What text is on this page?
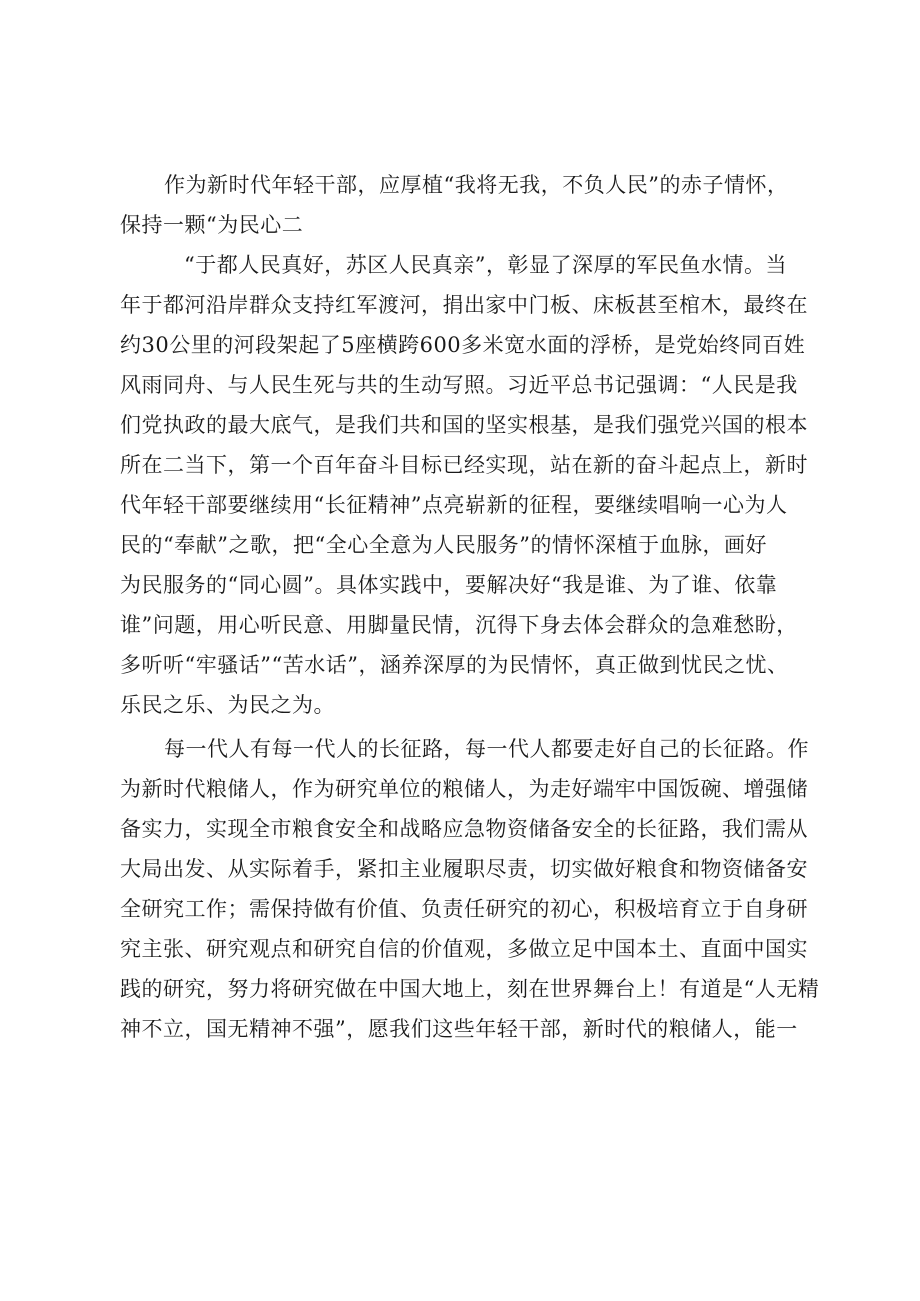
作为新时代年轻干部，应厚植“我将无我，不负人民”的赤子情怀，
保持一颗“为民心二
“于都人民真好，苏区人民真亲”，彰显了深厚的军民鱼水情。当
年于都河沿岸群众支持红军渡河，捐出家中门板、床板甚至棺木，最终在
约30公里的河段架起了5座横跨600多米宽水面的浮桥，是党始终同百姓
风雨同舟、与人民生死与共的生动写照。习近平总书记强调：“人民是我
们党执政的最大底气，是我们共和国的坚实根基，是我们强党兴国的根本
所在二当下，第一个百年奋斗目标已经实现，站在新的奋斗起点上，新时
代年轻干部要继续用“长征精神”点亮崭新的征程，要继续唱响一心为人
民的“奉献”之歌，把“全心全意为人民服务”的情怀深植于血脉，画好
为民服务的“同心圆”。具体实践中，要解决好“我是谁、为了谁、依靠
谁”问题，用心听民意、用脚量民情，沉得下身去体会群众的急难愁盼，
多听听“牢骚话”“苦水话”，涵养深厚的为民情怀，真正做到忧民之忧、
乐民之乐、为民之为。
每一代人有每一代人的长征路，每一代人都要走好自己的长征路。作
为新时代粮储人，作为研究单位的粮储人，为走好端牢中国饭碗、增强储
备实力，实现全市粮食安全和战略应急物资储备安全的长征路，我们需从
大局出发、从实际着手，紧扣主业履职尽责，切实做好粮食和物资储备安
全研究工作；需保持做有价值、负责任研究的初心，积极培育立于自身研
究主张、研究观点和研究自信的价值观，多做立足中国本土、直面中国实
践的研究，努力将研究做在中国大地上，刻在世界舞台上！有道是“人无精
神不立，国无精神不强”，愿我们这些年轻干部，新时代的粮储人，能一
